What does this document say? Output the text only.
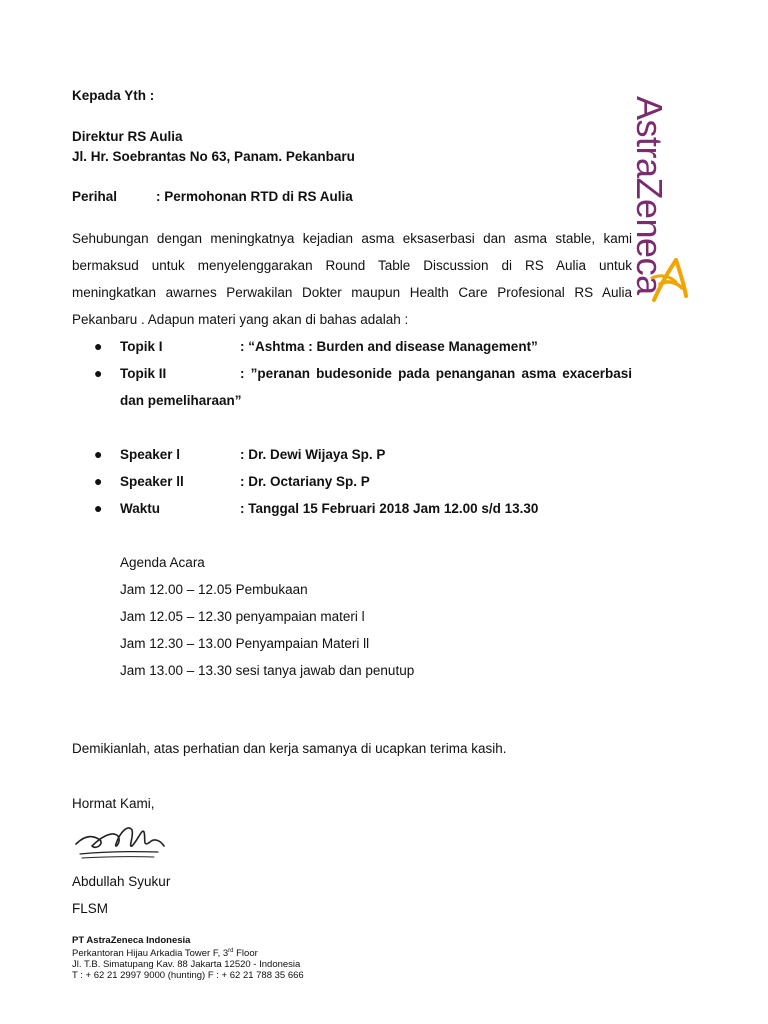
AstraZeneca
Kepada Yth :
Direktur RS Aulia
Jl. Hr. Soebrantas No 63, Panam. Pekanbaru
Perihal	: Permohonan RTD di RS Aulia
Sehubungan dengan meningkatnya kejadian asma eksaserbasi dan asma stable, kami bermaksud untuk menyelenggarakan Round Table Discussion di RS Aulia untuk meningkatkan awarnes Perwakilan Dokter maupun Health Care Profesional RS Aulia Pekanbaru . Adapun materi yang akan di bahas adalah :
● Topik I	: “Ashtma : Burden and disease Management”
● Topik II	: ”peranan budesonide pada penanganan asma exacerbasi dan pemeliharaan”
● Speaker l	: Dr. Dewi Wijaya Sp. P
● Speaker ll	: Dr. Octariany Sp. P
● Waktu	: Tanggal 15 Februari 2018 Jam 12.00 s/d 13.30
Agenda Acara
Jam 12.00 – 12.05 Pembukaan
Jam 12.05 – 12.30 penyampaian materi l
Jam 12.30 – 13.00 Penyampaian Materi ll
Jam 13.00 – 13.30 sesi tanya jawab dan penutup
Demikianlah, atas perhatian dan kerja samanya di ucapkan terima kasih.
Hormat Kami,
Abdullah Syukur
FLSM
PT AstraZeneca Indonesia
Perkantoran Hijau Arkadia Tower F, 3rd Floor
Jl. T.B. Simatupang Kav. 88 Jakarta 12520 - Indonesia
T : + 62 21 2997 9000 (hunting) F : + 62 21 788 35 666
